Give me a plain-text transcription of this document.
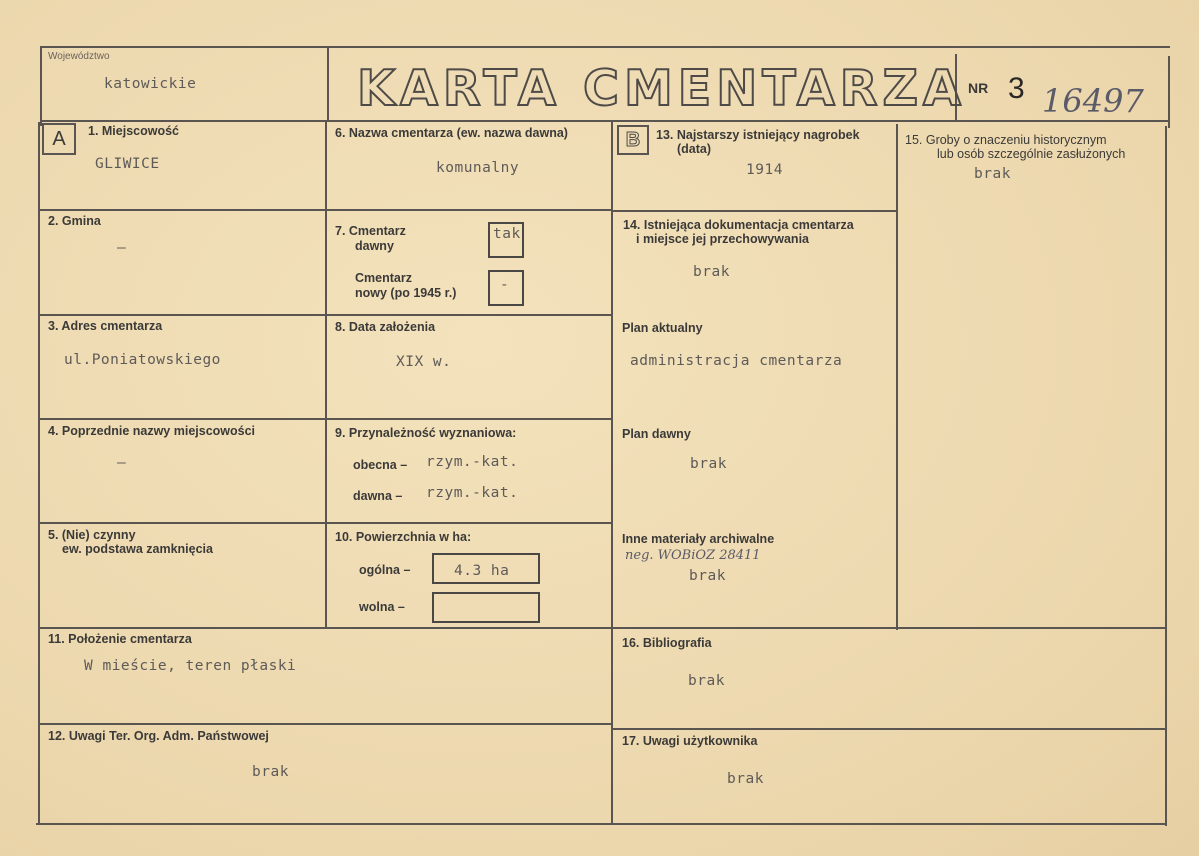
Województwo
katowickie	KARTA CMENTARZA NR 3 16497
A	1. Miejscowość
GLIWICE
2. Gmina
—
3. Adres cmentarza
ul.Poniatowskiego
4. Poprzednie nazwy miejscowości
—
5. (Nie) czynny
ew. podstawa zamknięcia
6. Nazwa cmentarza (ew. nazwa dawna)
komunalny
7. Cmentarz
dawny
tak
Cmentarz
nowy (po 1945 r.)	-
8. Data założenia
XIX w.
9. Przynależność wyznaniowa:
obecna – rzym.-kat.
dawna – rzym.-kat.
10. Powierzchnia w ha:
ogólna –	4.3 ha
wolna –
11. Położenie cmentarza
W mieście, teren płaski
12. Uwagi Ter. Org. Adm. Państwowej
brak
B	13. Najstarszy istniejący nagrobek
(data)
1914
14. Istniejąca dokumentacja cmentarza
i miejsce jej przechowywania
brak
Plan aktualny
administracja cmentarza
Plan dawny
brak
Inne materiały archiwalne
neg. WOBiOZ 28411
brak
15. Groby o znaczeniu historycznym
lub osób szczególnie zasłużonych
brak
16. Bibliografia
brak
17. Uwagi użytkownika
brak
